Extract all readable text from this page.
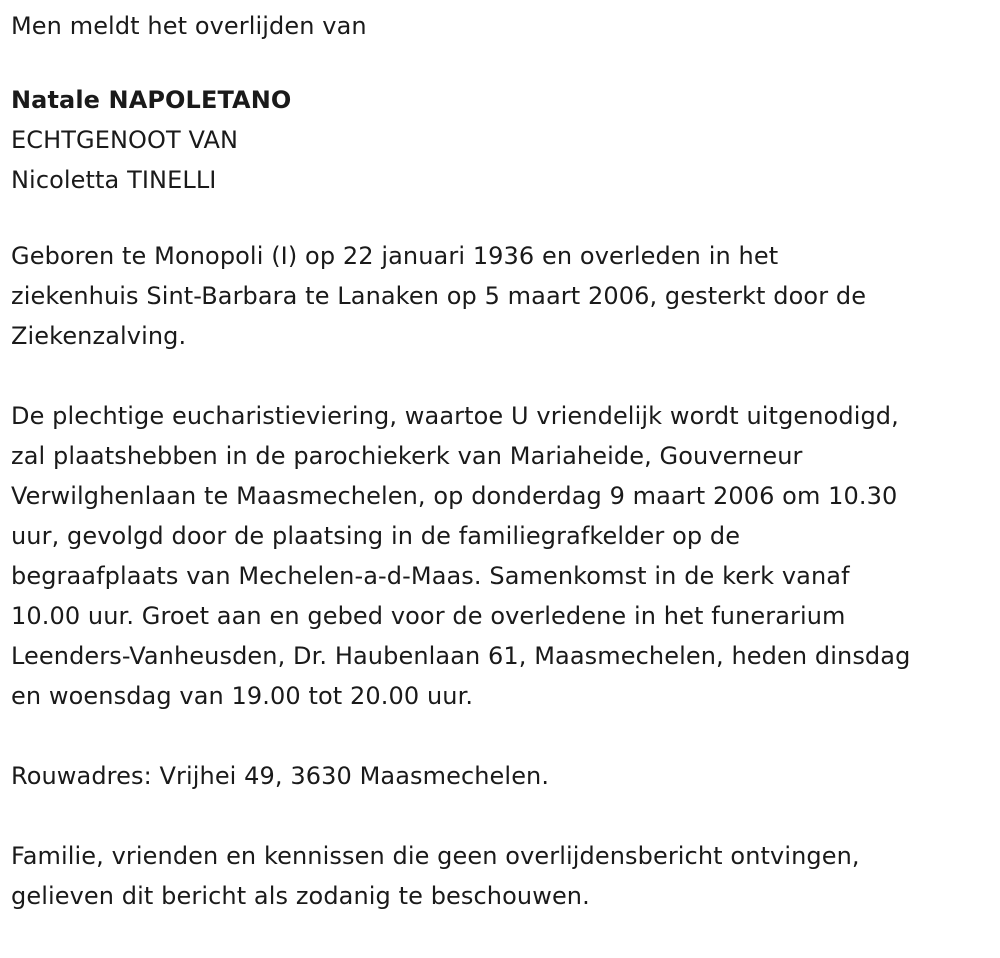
Men meldt het overlijden van
Natale NAPOLETANO
ECHTGENOOT VAN
Nicoletta TINELLI
Geboren te Monopoli (I) op 22 januari 1936 en overleden in het
ziekenhuis Sint-Barbara te Lanaken op 5 maart 2006, gesterkt door de
Ziekenzalving.
De plechtige eucharistieviering, waartoe U vriendelijk wordt uitgenodigd,
zal plaatshebben in de parochiekerk van Mariaheide, Gouverneur
Verwilghenlaan te Maasmechelen, op donderdag 9 maart 2006 om 10.30
uur, gevolgd door de plaatsing in de familiegrafkelder op de
begraafplaats van Mechelen-a-d-Maas. Samenkomst in de kerk vanaf
10.00 uur. Groet aan en gebed voor de overledene in het funerarium
Leenders-Vanheusden, Dr. Haubenlaan 61, Maasmechelen, heden dinsdag
en woensdag van 19.00 tot 20.00 uur.
Rouwadres: Vrijhei 49, 3630 Maasmechelen.
Familie, vrienden en kennissen die geen overlijdensbericht ontvingen,
gelieven dit bericht als zodanig te beschouwen.
